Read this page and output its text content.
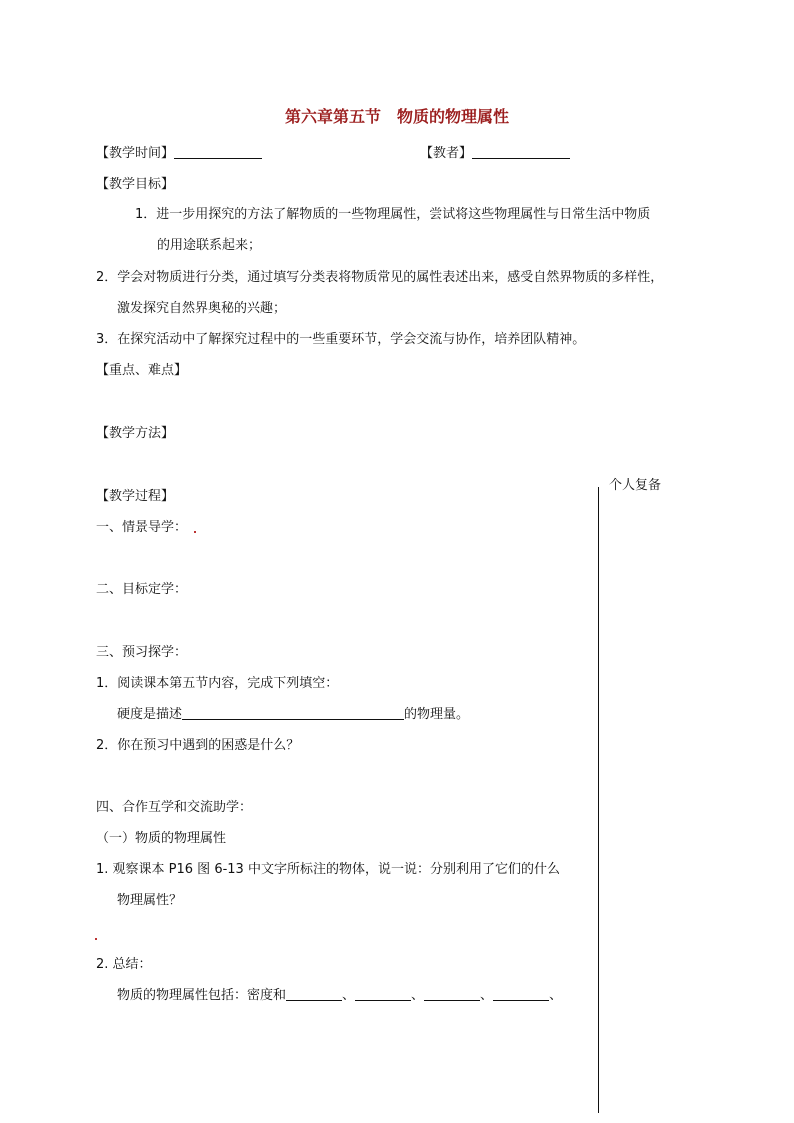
第六章第五节　物质的物理属性
【教学时间】	【教者】
【教学目标】
1．进一步用探究的方法了解物质的一些物理属性，尝试将这些物理属性与日常生活中物质
的用途联系起来；
2．学会对物质进行分类，通过填写分类表将物质常见的属性表述出来，感受自然界物质的多样性，
激发探究自然界奥秘的兴趣；
3．在探究活动中了解探究过程中的一些重要环节，学会交流与协作，培养团队精神。
【重点、难点】
【教学方法】
个人复备
【教学过程】
一、情景导学：
二、目标定学：
三、预习探学：
1．阅读课本第五节内容，完成下列填空：
硬度是描述	的物理量。
2．你在预习中遇到的困惑是什么？
四、合作互学和交流助学：
（一）物质的物理属性
1. 观察课本 P16 图 6-13 中文字所标注的物体，说一说：分别利用了它们的什么
物理属性？
2. 总结：
物质的物理属性包括：密度和	、	、	、	、
